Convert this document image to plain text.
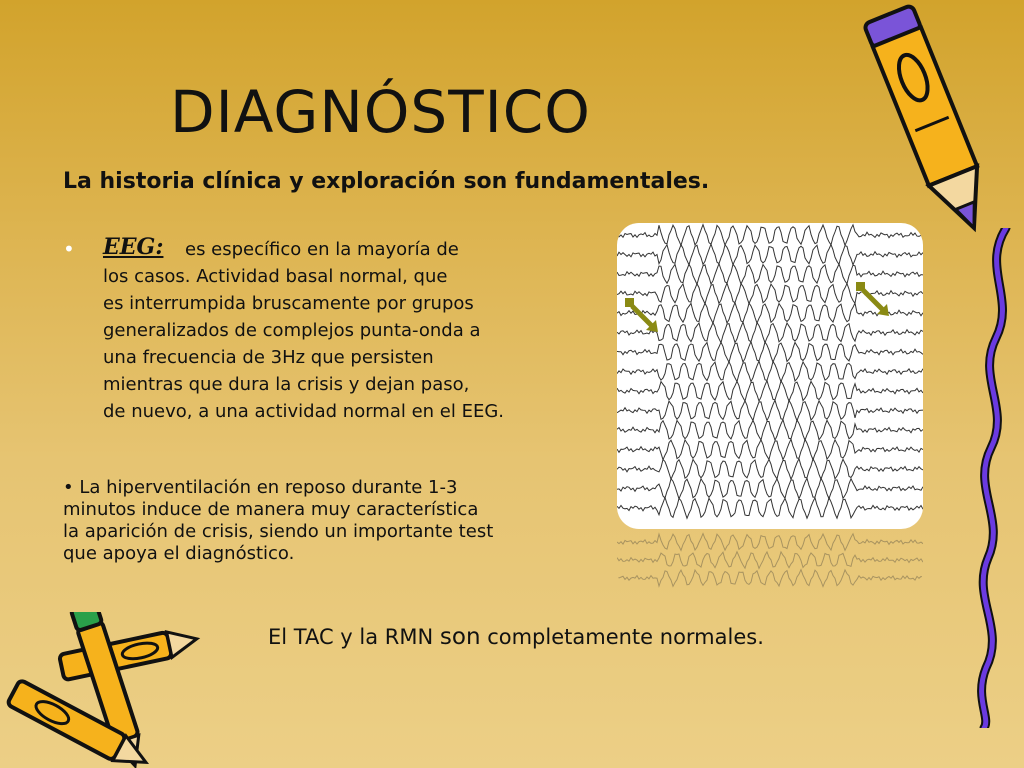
DIAGNÓSTICO
La historia clínica y exploración son fundamentales.
• EEG: es específico en la mayoría de
los casos. Actividad basal normal, que
es interrumpida bruscamente por grupos
generalizados de complejos punta-onda a
una frecuencia de 3Hz que persisten
mientras que dura la crisis y dejan paso,
de nuevo, a una actividad normal en el EEG.
• La hiperventilación en reposo durante 1-3
minutos induce de manera muy característica
la aparición de crisis, siendo un importante test
que apoya el diagnóstico.
El TAC y la RMN son completamente normales.
